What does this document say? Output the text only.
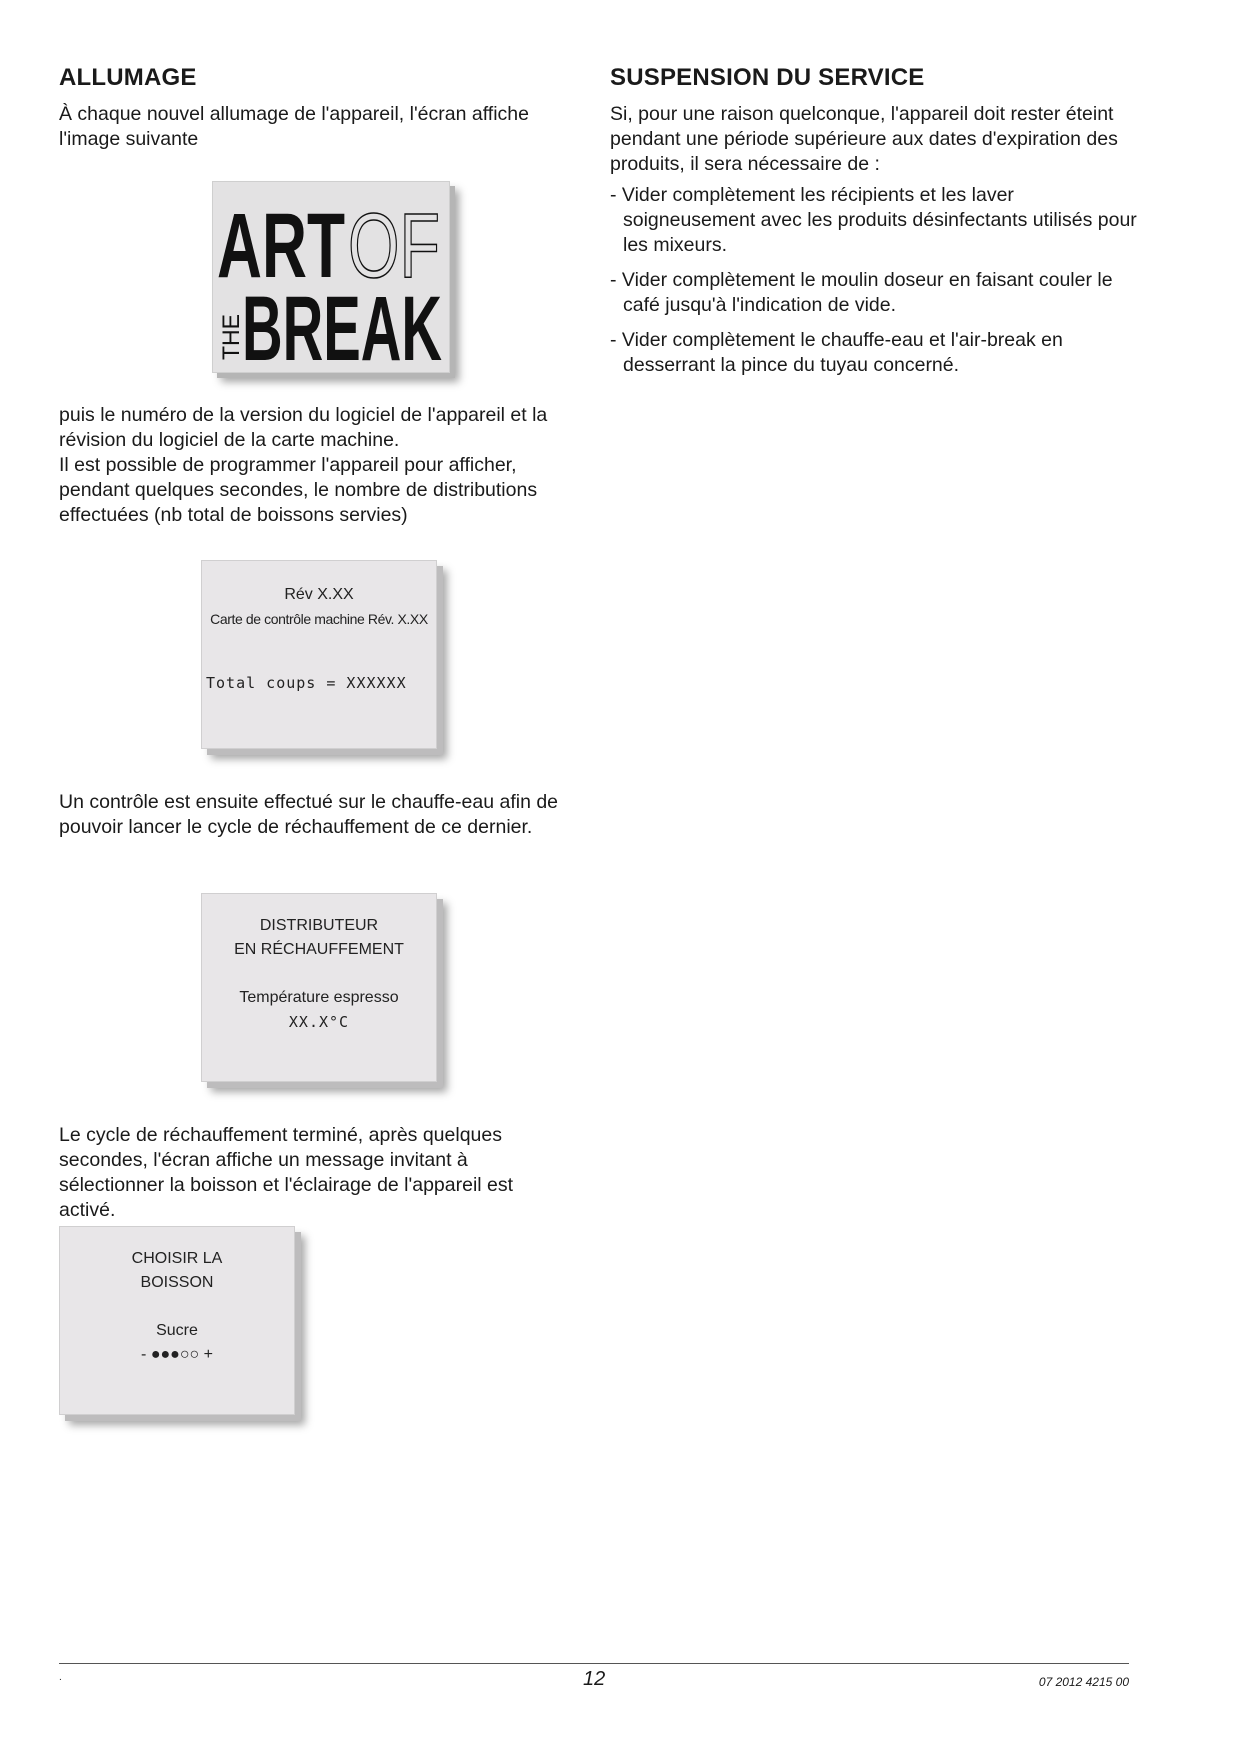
ALLUMAGE

À chaque nouvel allumage de l'appareil, l'écran affiche l'image suivante

ART OF
THE
BREAK

puis le numéro de la version du logiciel de l'appareil et la révision du logiciel de la carte machine.

Il est possible de programmer l'appareil pour afficher, pendant quelques secondes, le nombre de distributions effectuées (nb total de boissons servies)

Rév X.XX
Carte de contrôle machine Rév. X.XX
Total coups = XXXXXX

Un contrôle est ensuite effectué sur le chauffe-eau afin de pouvoir lancer le cycle de réchauffement de ce dernier.

DISTRIBUTEUR
EN RÉCHAUFFEMENT
Température espresso
XX.X°C

Le cycle de réchauffement terminé, après quelques secondes, l'écran affiche un message invitant à sélectionner la boisson et l'éclairage de l'appareil est activé.

CHOISIR LA
BOISSON
Sucre
- ●●●○○ +
SUSPENSION DU SERVICE

Si, pour une raison quelconque, l'appareil doit rester éteint pendant une période supérieure aux dates d'expiration des produits, il sera nécessaire de :

- Vider complètement les récipients et les laver soigneusement avec les produits désinfectants utilisés pour les mixeurs.

- Vider complètement le moulin doseur en faisant couler le café jusqu'à l'indication de vide.

- Vider complètement le chauffe-eau et l'air-break en desserrant la pince du tuyau concerné.

.	12	07 2012 4215 00
